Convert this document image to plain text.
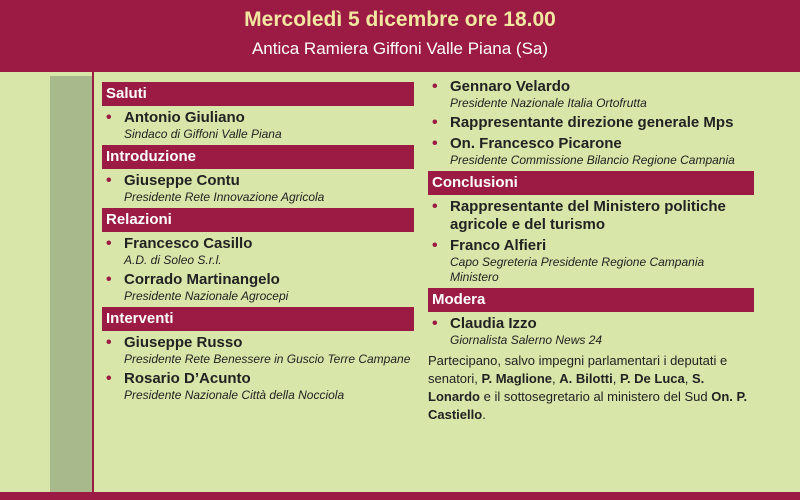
Mercoledì 5 dicembre ore 18.00
Antica Ramiera Giffoni Valle Piana (Sa)
Saluti
• Antonio Giuliano
Sindaco di Giffoni Valle Piana
Introduzione
• Giuseppe Contu
Presidente Rete Innovazione Agricola
Relazioni
• Francesco Casillo
A.D. di Soleo S.r.l.
• Corrado Martinangelo
Presidente Nazionale Agrocepi
Interventi
• Giuseppe Russo
Presidente Rete Benessere in Guscio Terre Campane
• Rosario D’Acunto
Presidente Nazionale Città della Nocciola
• Gennaro Velardo
Presidente Nazionale Italia Ortofrutta
• Rappresentante direzione generale Mps
• On. Francesco Picarone
Presidente Commissione Bilancio Regione Campania
Conclusioni
• Rappresentante del Ministero politiche agricole e del turismo
• Franco Alfieri
Capo Segreteria Presidente Regione Campania Ministero
Modera
• Claudia Izzo
Giornalista Salerno News 24
Partecipano, salvo impegni parlamentari i deputati e senatori, P. Maglione, A. Bilotti, P. De Luca, S. Lonardo e il sottosegretario al ministero del Sud On. P. Castiello.
